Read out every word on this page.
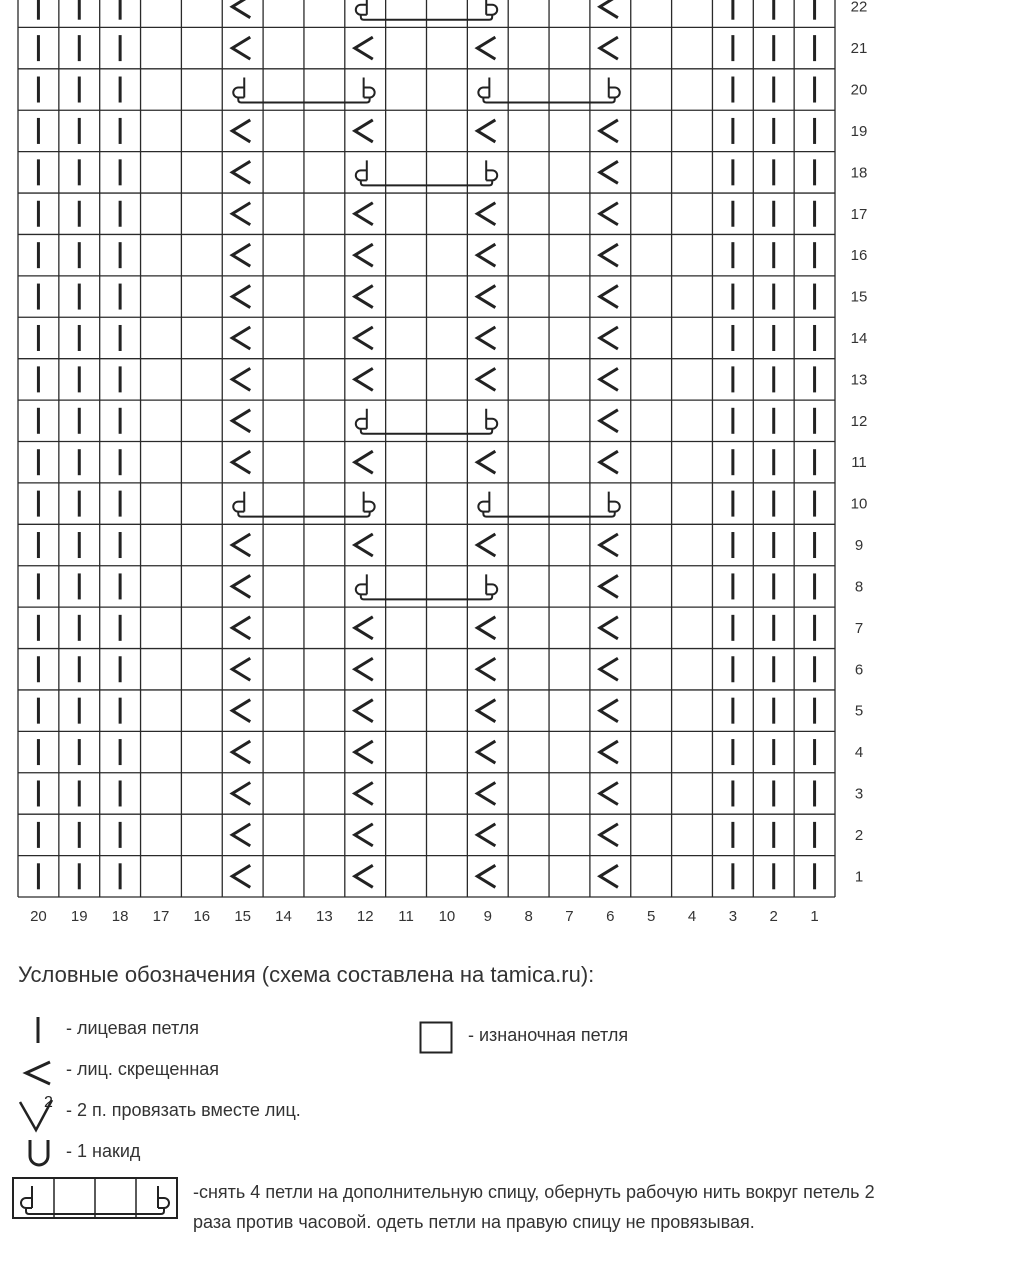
22
21
20
19
18
17
16
15
14
13
12
11
10
9
8
7
6
5
4
3
2
1
20 19 18 17 16 15 14 13 12 11 10 9 8 7 6 5 4 3 2 1
Условные обозначения (схема составлена на tamica.ru):
- лицевая петля	- изнаночная петля
- лиц. скрещенная
2 - 2 п. провязать вместе лиц.
- 1 накид
-снять 4 петли на дополнительную спицу, обернуть рабочую нить вокруг петель 2 раза против часовой. одеть петли на правую спицу не провязывая.
